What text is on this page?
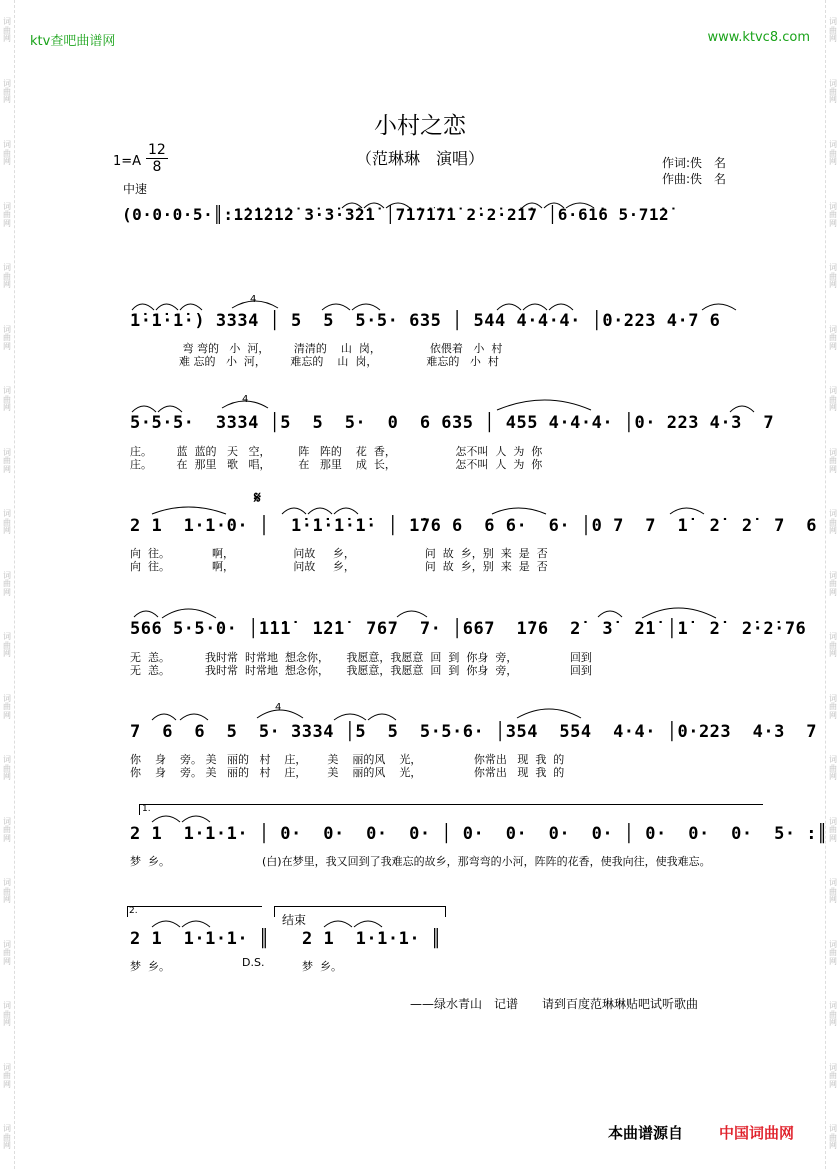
词
曲
网
词
曲
网
词
曲
网
词
曲
网
词
曲
网
词
曲
网
词
曲
网
词
曲
网
词
曲
网
词
曲
网
词
曲
网
词
曲
网
词
曲
网
词
曲
网
词
曲
网
词
曲
网
词
曲
网
词
曲
网
词
曲
网
词
曲
网
词
曲
网
词
曲
网
词
曲
网
词
曲
网
词
曲
网
词
曲
网
词
曲
网
词
曲
网
词
曲
网
词
曲
网
词
曲
网
词
曲
网
词
曲
网
词
曲
网
词
曲
网
词
曲
网
词
曲
网
词
曲
网
ktv查吧曲谱网	www.ktvc8.com
小村之恋
（范琳琳　演唱）
$1=A \frac{12}{8}$
中速
作词:佚　名
作曲:佚　名
(0·0·0·5·║:1̇2̇1̇2̇1̇2̇ 3̇·3̇·3̇2̇1̇ │7̇1̇7̇1̇7̇1̇ 2̇·2̇·2̇1̇7 │6·61̇6 5·71̇2̇
1̇·1̇·1̇·) 3334 │ 5  5  5·5· 635 │ 544 4·4·4· │0·223 4·7 6
4
弯 弯的   小  河，       清清的    山  岗，              依偎着   小  村
难 忘的   小  河，       难忘的    山  岗，              难忘的   小  村
5·5·5·  3334 │5  5  5·  0  6 635 │ 455 4·4·4· │0· 223 4·3  7
4
庄。       蓝  蓝的   天   空，        阵   阵的    花  香，                 怎不叫  人  为  你
庄。       在  那里   歌   唱，        在   那里    成  长，                 怎不叫  人  为  你
𝄋
2 1  1·1·0· │  1̇·1̇·1̇·1̇· │ 1̇76 6  6 6·  6· │0 7  7  1̇  2̇  2̇  7  6
向  往。            啊，                 问故     乡，                    问  故  乡，别  来  是  否
向  往。            啊，                 问故     乡，                    问  故  乡，别  来  是  否
566 5·5·0· │1̇1̇1̇  1̇2̇1̇  767  7· │667  1̇76  2̇  3̇  2̇1̇ │1̇  2̇  2̇·2̇·76
无  恙。          我时常  时常地  想念你，     我愿意，我愿意  回  到  你身  旁，               回到
无  恙。          我时常  时常地  想念你，     我愿意，我愿意  回  到  你身  旁，               回到
7  6  6  5  5· 3334 │5  5  5·5·6· │354  554  4·4· │0·223  4·3  7
4
你    身    旁。 美   丽的   村    庄，      美    丽的风    光，               你常出   现  我  的
你    身    旁。 美   丽的   村    庄，      美    丽的风    光，               你常出   现  我  的
1.
2 1  1·1·1· │ 0·  0·  0·  0· │ 0·  0·  0·  0· │ 0·  0·  0·  5· :║
梦  乡。	(白)在梦里，我又回到了我难忘的故乡，那弯弯的小河，阵阵的花香，使我向往，使我难忘。
2.
结束
2 1  1·1·1· ║ 2 1  1·1·1· ║
梦  乡。	梦  乡。
D.S.
——绿水青山　记谱　　请到百度范琳琳贴吧试听歌曲
本曲谱源自 中国词曲网
